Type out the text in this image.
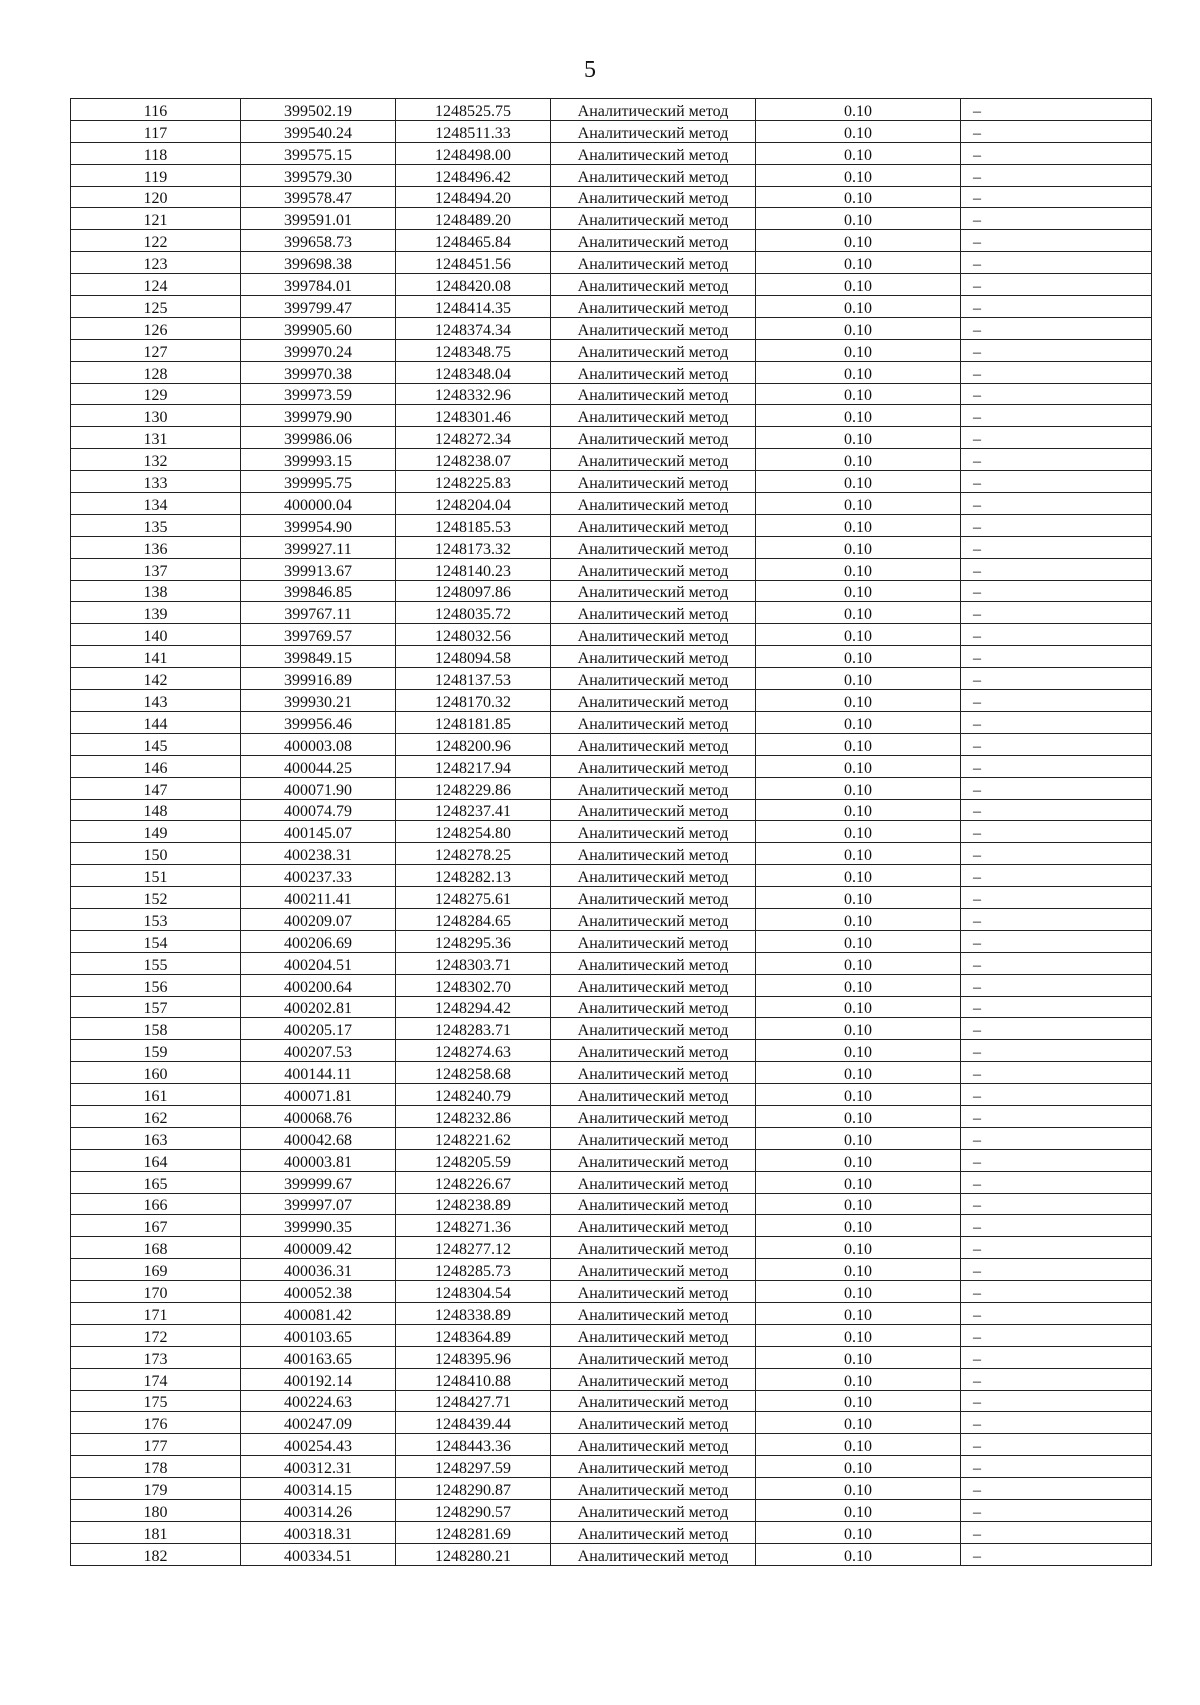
5
116	399502.19	1248525.75	Аналитический метод	0.10	–
117	399540.24	1248511.33	Аналитический метод	0.10	–
118	399575.15	1248498.00	Аналитический метод	0.10	–
119	399579.30	1248496.42	Аналитический метод	0.10	–
120	399578.47	1248494.20	Аналитический метод	0.10	–
121	399591.01	1248489.20	Аналитический метод	0.10	–
122	399658.73	1248465.84	Аналитический метод	0.10	–
123	399698.38	1248451.56	Аналитический метод	0.10	–
124	399784.01	1248420.08	Аналитический метод	0.10	–
125	399799.47	1248414.35	Аналитический метод	0.10	–
126	399905.60	1248374.34	Аналитический метод	0.10	–
127	399970.24	1248348.75	Аналитический метод	0.10	–
128	399970.38	1248348.04	Аналитический метод	0.10	–
129	399973.59	1248332.96	Аналитический метод	0.10	–
130	399979.90	1248301.46	Аналитический метод	0.10	–
131	399986.06	1248272.34	Аналитический метод	0.10	–
132	399993.15	1248238.07	Аналитический метод	0.10	–
133	399995.75	1248225.83	Аналитический метод	0.10	–
134	400000.04	1248204.04	Аналитический метод	0.10	–
135	399954.90	1248185.53	Аналитический метод	0.10	–
136	399927.11	1248173.32	Аналитический метод	0.10	–
137	399913.67	1248140.23	Аналитический метод	0.10	–
138	399846.85	1248097.86	Аналитический метод	0.10	–
139	399767.11	1248035.72	Аналитический метод	0.10	–
140	399769.57	1248032.56	Аналитический метод	0.10	–
141	399849.15	1248094.58	Аналитический метод	0.10	–
142	399916.89	1248137.53	Аналитический метод	0.10	–
143	399930.21	1248170.32	Аналитический метод	0.10	–
144	399956.46	1248181.85	Аналитический метод	0.10	–
145	400003.08	1248200.96	Аналитический метод	0.10	–
146	400044.25	1248217.94	Аналитический метод	0.10	–
147	400071.90	1248229.86	Аналитический метод	0.10	–
148	400074.79	1248237.41	Аналитический метод	0.10	–
149	400145.07	1248254.80	Аналитический метод	0.10	–
150	400238.31	1248278.25	Аналитический метод	0.10	–
151	400237.33	1248282.13	Аналитический метод	0.10	–
152	400211.41	1248275.61	Аналитический метод	0.10	–
153	400209.07	1248284.65	Аналитический метод	0.10	–
154	400206.69	1248295.36	Аналитический метод	0.10	–
155	400204.51	1248303.71	Аналитический метод	0.10	–
156	400200.64	1248302.70	Аналитический метод	0.10	–
157	400202.81	1248294.42	Аналитический метод	0.10	–
158	400205.17	1248283.71	Аналитический метод	0.10	–
159	400207.53	1248274.63	Аналитический метод	0.10	–
160	400144.11	1248258.68	Аналитический метод	0.10	–
161	400071.81	1248240.79	Аналитический метод	0.10	–
162	400068.76	1248232.86	Аналитический метод	0.10	–
163	400042.68	1248221.62	Аналитический метод	0.10	–
164	400003.81	1248205.59	Аналитический метод	0.10	–
165	399999.67	1248226.67	Аналитический метод	0.10	–
166	399997.07	1248238.89	Аналитический метод	0.10	–
167	399990.35	1248271.36	Аналитический метод	0.10	–
168	400009.42	1248277.12	Аналитический метод	0.10	–
169	400036.31	1248285.73	Аналитический метод	0.10	–
170	400052.38	1248304.54	Аналитический метод	0.10	–
171	400081.42	1248338.89	Аналитический метод	0.10	–
172	400103.65	1248364.89	Аналитический метод	0.10	–
173	400163.65	1248395.96	Аналитический метод	0.10	–
174	400192.14	1248410.88	Аналитический метод	0.10	–
175	400224.63	1248427.71	Аналитический метод	0.10	–
176	400247.09	1248439.44	Аналитический метод	0.10	–
177	400254.43	1248443.36	Аналитический метод	0.10	–
178	400312.31	1248297.59	Аналитический метод	0.10	–
179	400314.15	1248290.87	Аналитический метод	0.10	–
180	400314.26	1248290.57	Аналитический метод	0.10	–
181	400318.31	1248281.69	Аналитический метод	0.10	–
182	400334.51	1248280.21	Аналитический метод	0.10	–
